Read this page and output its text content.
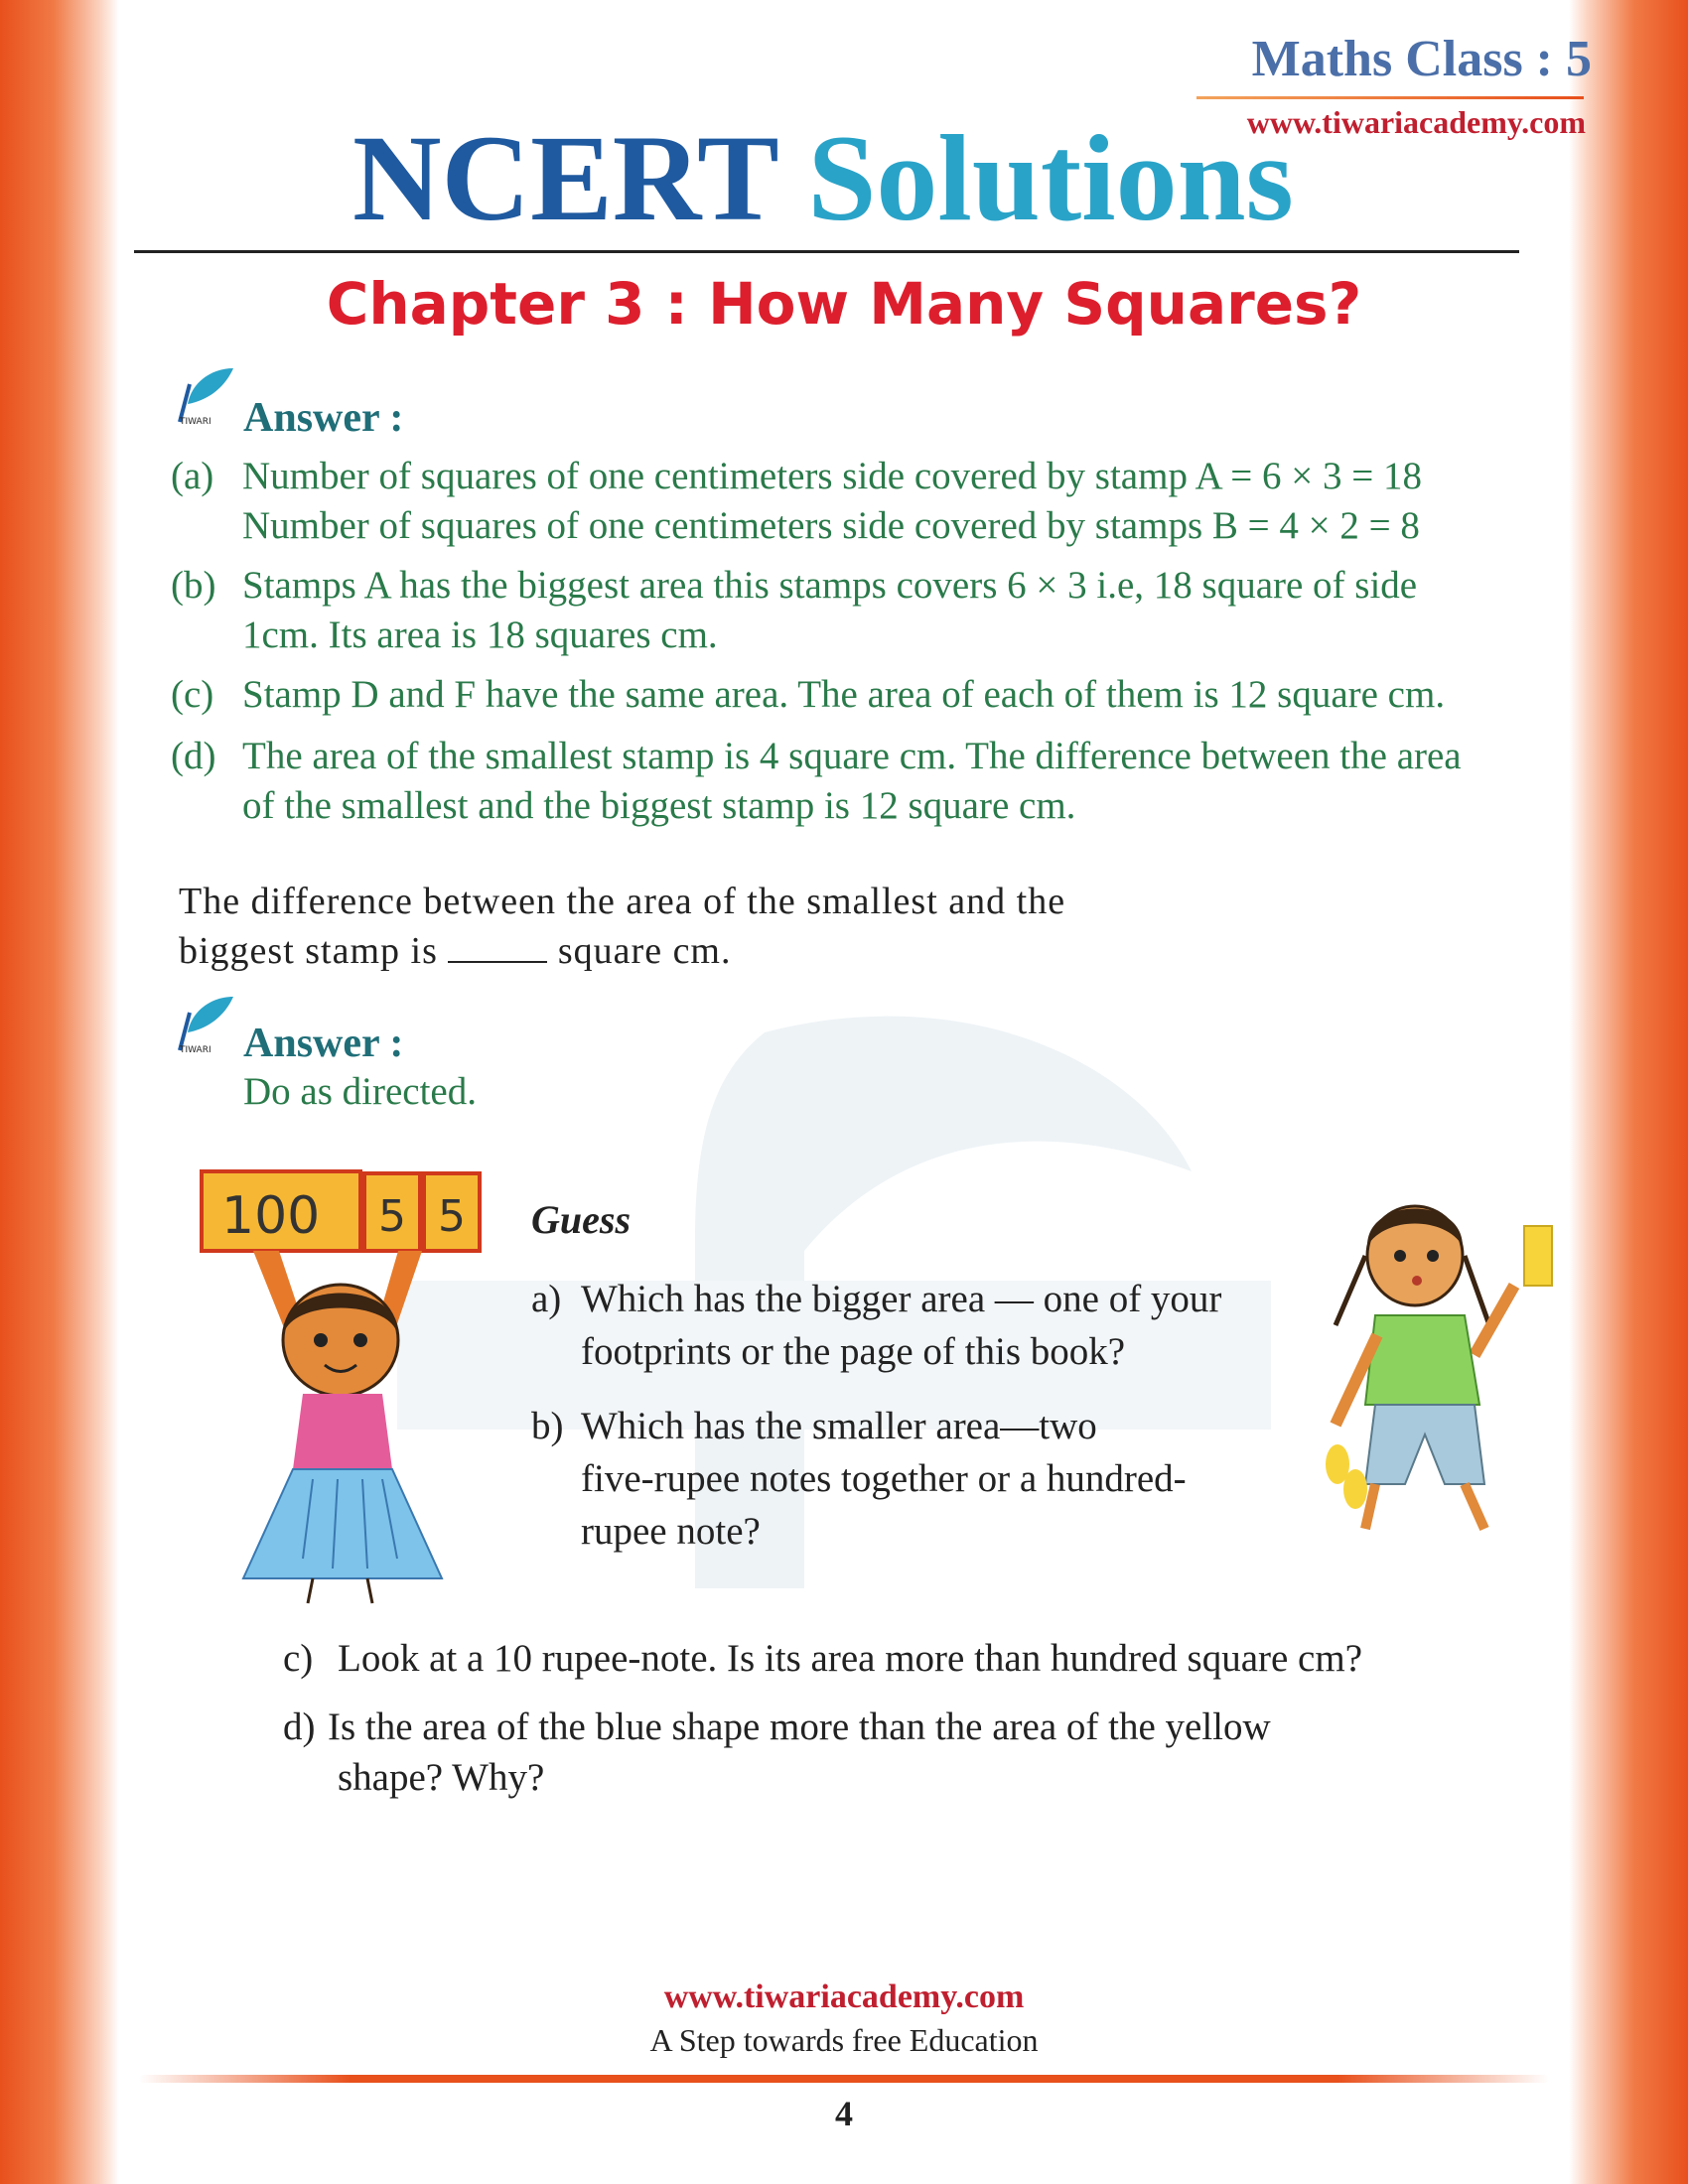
Maths Class : 5
www.tiwariacademy.com
NCERT Solutions
Chapter 3 : How Many Squares?
TIWARI Answer :
(a) Number of squares of one centimeters side covered by stamp A = 6 × 3 = 18
Number of squares of one centimeters side covered by stamps B = 4 × 2 = 8
(b) Stamps A has the biggest area this stamps covers 6 × 3 i.e, 18 square of side
1cm. Its area is 18 squares cm.
(c) Stamp D and F have the same area. The area of each of them is 12 square cm.
(d) The area of the smallest stamp is 4 square cm. The difference between the area
of the smallest and the biggest stamp is 12 square cm.
The difference between the area of the smallest and the
biggest stamp is	square cm.
TIWARI Answer :
Do as directed.
100 5 5 Guess
a) Which has the bigger area — one of your
footprints or the page of this book?
b) Which has the smaller area—two
five-rupee notes together or a hundred-
rupee note?
c) Look at a 10 rupee-note. Is its area more than hundred square cm?
d) Is the area of the blue shape more than the area of the yellow
shape? Why?
www.tiwariacademy.com
A Step towards free Education
4
